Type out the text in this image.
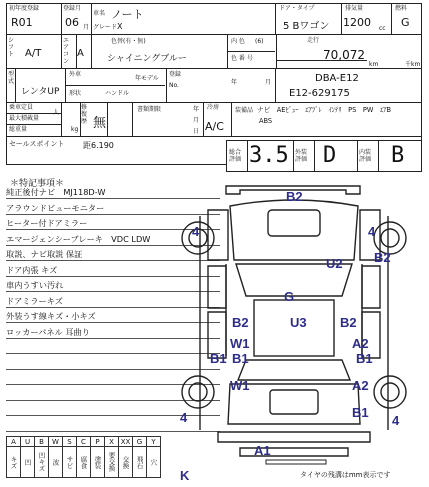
初年度登録
R01
登録月
06 月
車名 ノート
グレード X
ドア・タイプ
5 Bワゴン
排気量
1200 cc
燃料
G
シフト A/T
エアコン
A
色替(有・無)
シャイニングブルー
内 色
色 番 号
(6)	走行
70,072
km	千km
型式
レンタUP
外車
年モデル
形状	ハンドル
登録
No.	年	月	DBA-E12
E12-629175
乗車定員
人
最大積載量
総重量	kg
修復歴 無
書類期限	年
月
日
冷房
A/C
装備品 ナビ　AEﾋﾞｭｰ　ｴｱﾌﾞﾚ　ｲﾝﾃﾘ　PS　PW　ｴｱB
ABS
セールスポイント 距6.190
総合
評価 3.5 外装
評価 D	内装
評価 B
＊特記事項＊
純正後付ナビ　MJ118D-W
アラウンドビューモニター
ヒーター付ドアミラー
エマージェンシーブレーキ　VDC LDW
取説、ナビ取説 保証
ドア内張 キズ
車内うすい汚れ
ドアミラーキズ
外装うす線キズ・小キズ
ロッカーパネル 耳曲り
A	U	B	W	S	C	P	X	XX	G	Y
キズ	凹	凹キズ	波	サビ	腐食	塗装	要交換	交換	飛石	穴
B2
4	4
B2
U2
G
B2	U3	B2
W1	A2
B1 B1	B1
W1	A2
4	B1
A1
4
K	タイヤの残溝はmm表示です
